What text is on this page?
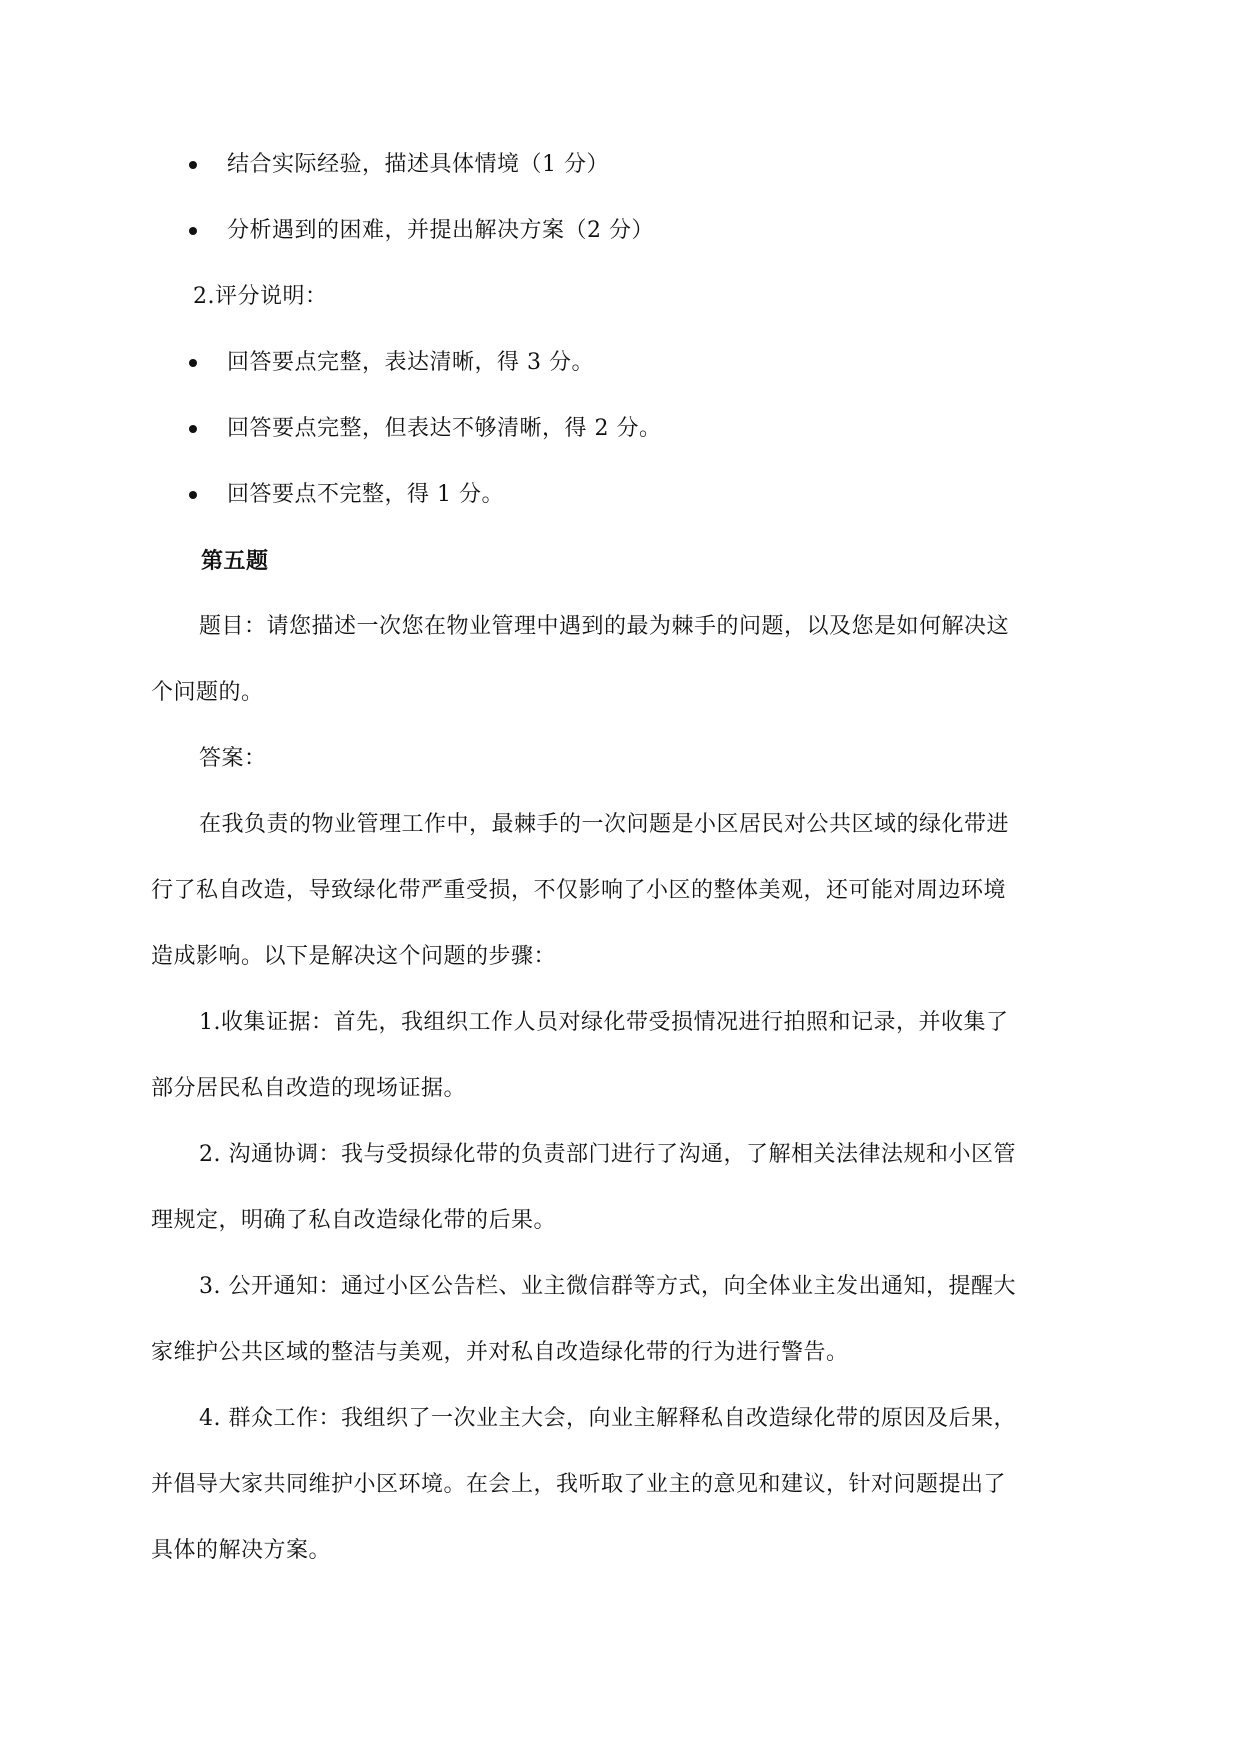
结合实际经验，描述具体情境（1 分）
分析遇到的困难，并提出解决方案（2 分）
2.评分说明：
回答要点完整，表达清晰，得 3 分。
回答要点完整，但表达不够清晰，得 2 分。
回答要点不完整，得 1 分。
第五题
题目：请您描述一次您在物业管理中遇到的最为棘手的问题，以及您是如何解决这
个问题的。
答案：
在我负责的物业管理工作中，最棘手的一次问题是小区居民对公共区域的绿化带进
行了私自改造，导致绿化带严重受损，不仅影响了小区的整体美观，还可能对周边环境
造成影响。以下是解决这个问题的步骤：
1.收集证据：首先，我组织工作人员对绿化带受损情况进行拍照和记录，并收集了
部分居民私自改造的现场证据。
2. 沟通协调：我与受损绿化带的负责部门进行了沟通，了解相关法律法规和小区管
理规定，明确了私自改造绿化带的后果。
3. 公开通知：通过小区公告栏、业主微信群等方式，向全体业主发出通知，提醒大
家维护公共区域的整洁与美观，并对私自改造绿化带的行为进行警告。
4. 群众工作：我组织了一次业主大会，向业主解释私自改造绿化带的原因及后果，
并倡导大家共同维护小区环境。在会上，我听取了业主的意见和建议，针对问题提出了
具体的解决方案。
